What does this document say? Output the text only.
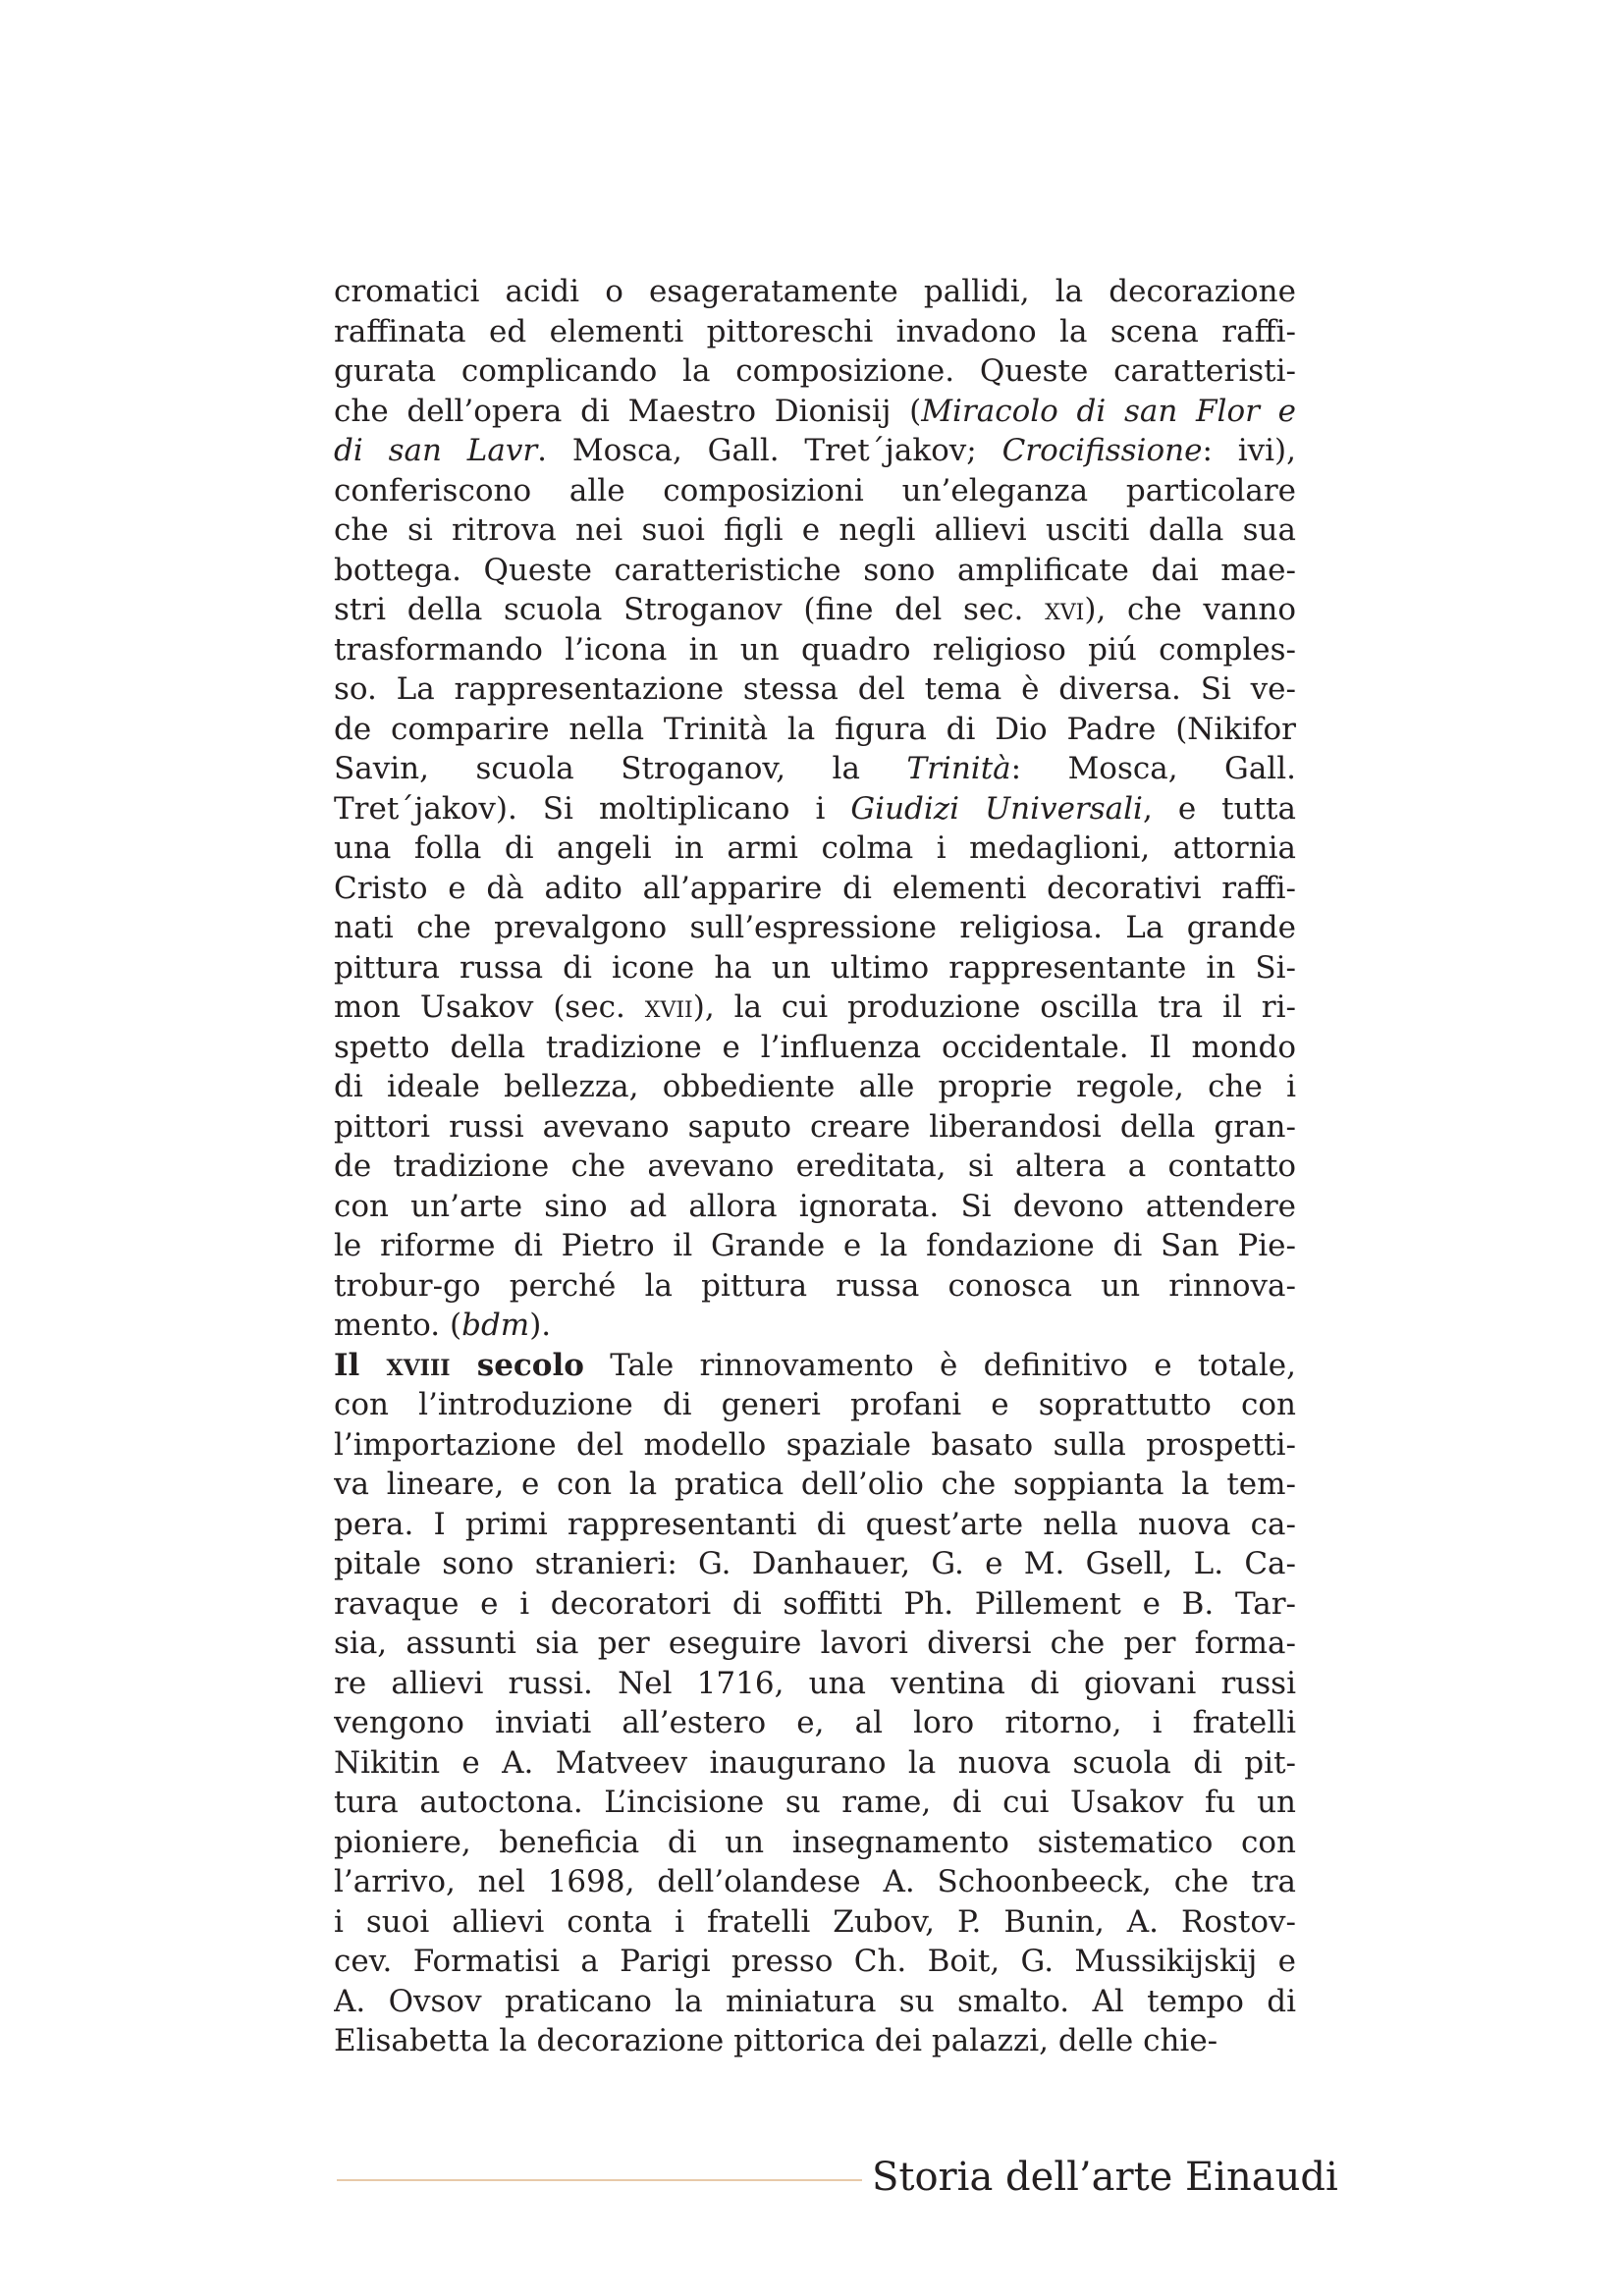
cromatici acidi o esageratamente pallidi, la decorazione
raffinata ed elementi pittoreschi invadono la scena raffi-
gurata complicando la composizione. Queste caratteristi-
che dell’opera di Maestro Dionisij (Miracolo di san Flor e
di san Lavr. Mosca, Gall. Tret´jakov; Crocifissione: ivi),
conferiscono alle composizioni un’eleganza particolare
che si ritrova nei suoi figli e negli allievi usciti dalla sua
bottega. Queste caratteristiche sono amplificate dai mae-
stri della scuola Stroganov (fine del sec. xvi), che vanno
trasformando l’icona in un quadro religioso piú comples-
so. La rappresentazione stessa del tema è diversa. Si ve-
de comparire nella Trinità la figura di Dio Padre (Nikifor
Savin, scuola Stroganov, la Trinità: Mosca, Gall.
Tret´jakov). Si moltiplicano i Giudizi Universali, e tutta
una folla di angeli in armi colma i medaglioni, attornia
Cristo e dà adito all’apparire di elementi decorativi raffi-
nati che prevalgono sull’espressione religiosa. La grande
pittura russa di icone ha un ultimo rappresentante in Si-
mon Usakov (sec. xvii), la cui produzione oscilla tra il ri-
spetto della tradizione e l’influenza occidentale. Il mondo
di ideale bellezza, obbediente alle proprie regole, che i
pittori russi avevano saputo creare liberandosi della gran-
de tradizione che avevano ereditata, si altera a contatto
con un’arte sino ad allora ignorata. Si devono attendere
le riforme di Pietro il Grande e la fondazione di San Pie-
trobur-go perché la pittura russa conosca un rinnova-
mento. (bdm).
Il xviii secolo Tale rinnovamento è definitivo e totale,
con l’introduzione di generi profani e soprattutto con
l’importazione del modello spaziale basato sulla prospetti-
va lineare, e con la pratica dell’olio che soppianta la tem-
pera. I primi rappresentanti di quest’arte nella nuova ca-
pitale sono stranieri: G. Danhauer, G. e M. Gsell, L. Ca-
ravaque e i decoratori di soffitti Ph. Pillement e B. Tar-
sia, assunti sia per eseguire lavori diversi che per forma-
re allievi russi. Nel 1716, una ventina di giovani russi
vengono inviati all’estero e, al loro ritorno, i fratelli
Nikitin e A. Matveev inaugurano la nuova scuola di pit-
tura autoctona. L’incisione su rame, di cui Usakov fu un
pioniere, beneficia di un insegnamento sistematico con
l’arrivo, nel 1698, dell’olandese A. Schoonbeeck, che tra
i suoi allievi conta i fratelli Zubov, P. Bunin, A. Rostov-
cev. Formatisi a Parigi presso Ch. Boit, G. Mussikijskij e
A. Ovsov praticano la miniatura su smalto. Al tempo di
Elisabetta la decorazione pittorica dei palazzi, delle chie-
Storia dell’arte Einaudi
